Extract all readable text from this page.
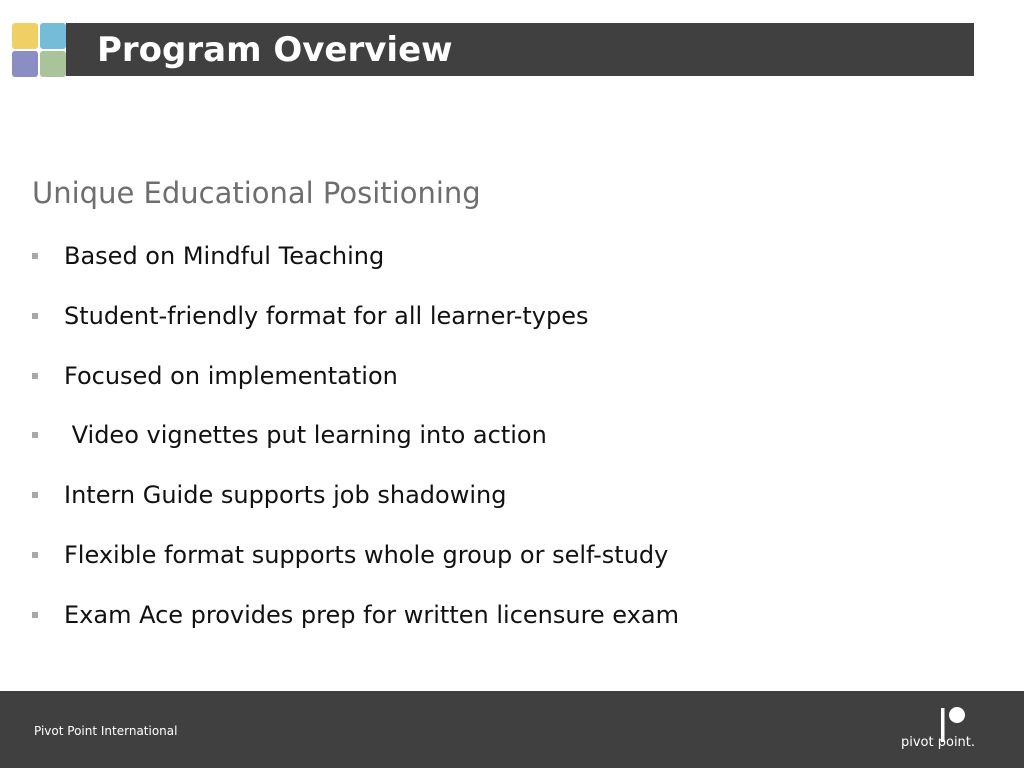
Program Overview
Unique Educational Positioning
Based on Mindful Teaching
Student-friendly format for all learner-types
Focused on implementation
Video vignettes put learning into action
Intern Guide supports job shadowing
Flexible format supports whole group or self-study
Exam Ace provides prep for written licensure exam
Pivot Point International
pivot point.
